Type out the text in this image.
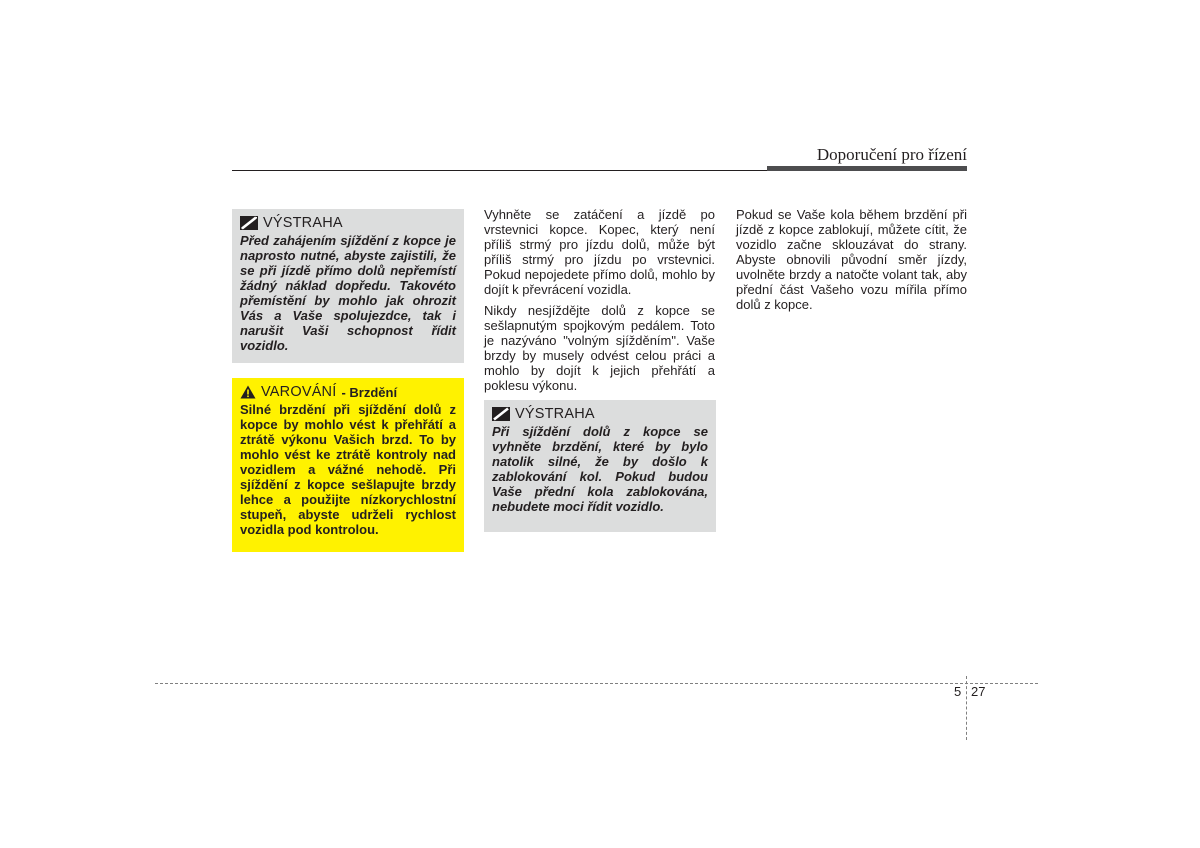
Doporučení pro řízení
VÝSTRAHA
Před zahájením sjíždění z kopce je naprosto nutné, abyste zajistili, že se při jízdě přímo dolů nepřemístí žádný náklad dopředu. Takovéto přemístění by mohlo jak ohrozit Vás a Vaše spolujezdce, tak i narušit Vaši schopnost řídit vozidlo.
VAROVÁNÍ - Brzdění
Silné brzdění při sjíždění dolů z kopce by mohlo vést k přehřátí a ztrátě výkonu Vašich brzd. To by mohlo vést ke ztrátě kontroly nad vozidlem a vážné nehodě. Při sjíždění z kopce sešlapujte brzdy lehce a použijte nízkorychlostní stupeň, abyste udrželi rychlost vozidla pod kontrolou.

Vyhněte se zatáčení a jízdě po vrstevnici kopce. Kopec, který není příliš strmý pro jízdu dolů, může být příliš strmý pro jízdu po vrstevnici. Pokud nepojedete přímo dolů, mohlo by dojít k převrácení vozidla.

Nikdy nesjíždějte dolů z kopce se sešlapnutým spojkovým pedálem. Toto je nazýváno "volným sjížděním". Vaše brzdy by musely odvést celou práci a mohlo by dojít k jejich přehřátí a poklesu výkonu.

VÝSTRAHA
Při sjíždění dolů z kopce se vyhněte brzdění, které by bylo natolik silné, že by došlo k zablokování kol. Pokud budou Vaše přední kola zablokována, nebudete moci řídit vozidlo.

Pokud se Vaše kola během brzdění při jízdě z kopce zablokují, můžete cítit, že vozidlo začne sklouzávat do strany. Abyste obnovili původní směr jízdy, uvolněte brzdy a natočte volant tak, aby přední část Vašeho vozu mířila přímo dolů z kopce.

5 27
